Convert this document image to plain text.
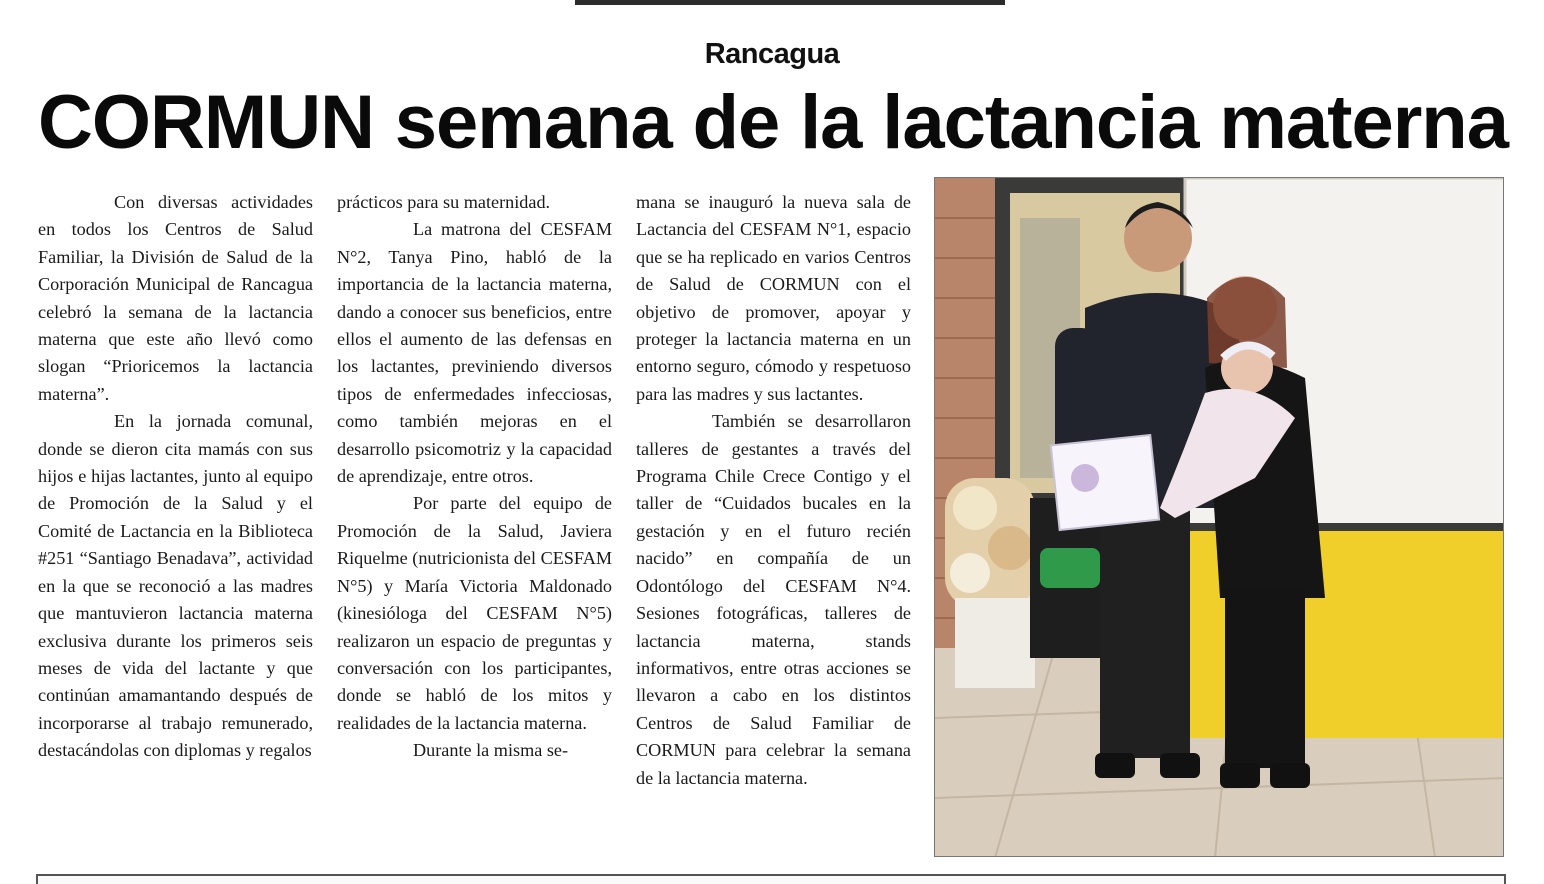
Rancagua
CORMUN semana de la lactancia materna

Con diversas actividades en todos los Centros de Salud Familiar, la División de Salud de la Corporación Municipal de Rancagua celebró la semana de la lactancia materna que este año llevó como slogan “Prioricemos la lactancia materna”.

En la jornada comunal, donde se dieron cita mamás con sus hijos e hijas lactantes, junto al equipo de Promoción de la Salud y el Comité de Lactancia en la Biblioteca #251 “Santiago Benadava”, actividad en la que se reconoció a las madres que mantuvieron lactancia materna exclusiva durante los primeros seis meses de vida del lactante y que continúan amamantando después de incorporarse al trabajo remunerado, destacándolas con diplomas y regalos

prácticos para su maternidad.

La matrona del CESFAM N°2, Tanya Pino, habló de la importancia de la lactancia materna, dando a conocer sus beneficios, entre ellos el aumento de las defensas en los lactantes, previniendo diversos tipos de enfermedades infecciosas, como también mejoras en el desarrollo psicomotriz y la capacidad de aprendizaje, entre otros.

Por parte del equipo de Promoción de la Salud, Javiera Riquelme (nutricionista del CESFAM N°5) y María Victoria Maldonado (kinesióloga del CESFAM N°5) realizaron un espacio de preguntas y conversación con los participantes, donde se habló de los mitos y realidades de la lactancia materna.

Durante la misma se-

mana se inauguró la nueva sala de Lactancia del CESFAM N°1, espacio que se ha replicado en varios Centros de Salud de CORMUN con el objetivo de promover, apoyar y proteger la lactancia materna en un entorno seguro, cómodo y respetuoso para las madres y sus lactantes.

También se desarrollaron talleres de gestantes a través del Programa Chile Crece Contigo y el taller de “Cuidados bucales en la gestación y en el futuro recién nacido” en compañía de un Odontólogo del CESFAM N°4. Sesiones fotográficas, talleres de lactancia materna, stands informativos, entre otras acciones se llevaron a cabo en los distintos Centros de Salud Familiar de CORMUN para celebrar la semana de la lactancia materna.
